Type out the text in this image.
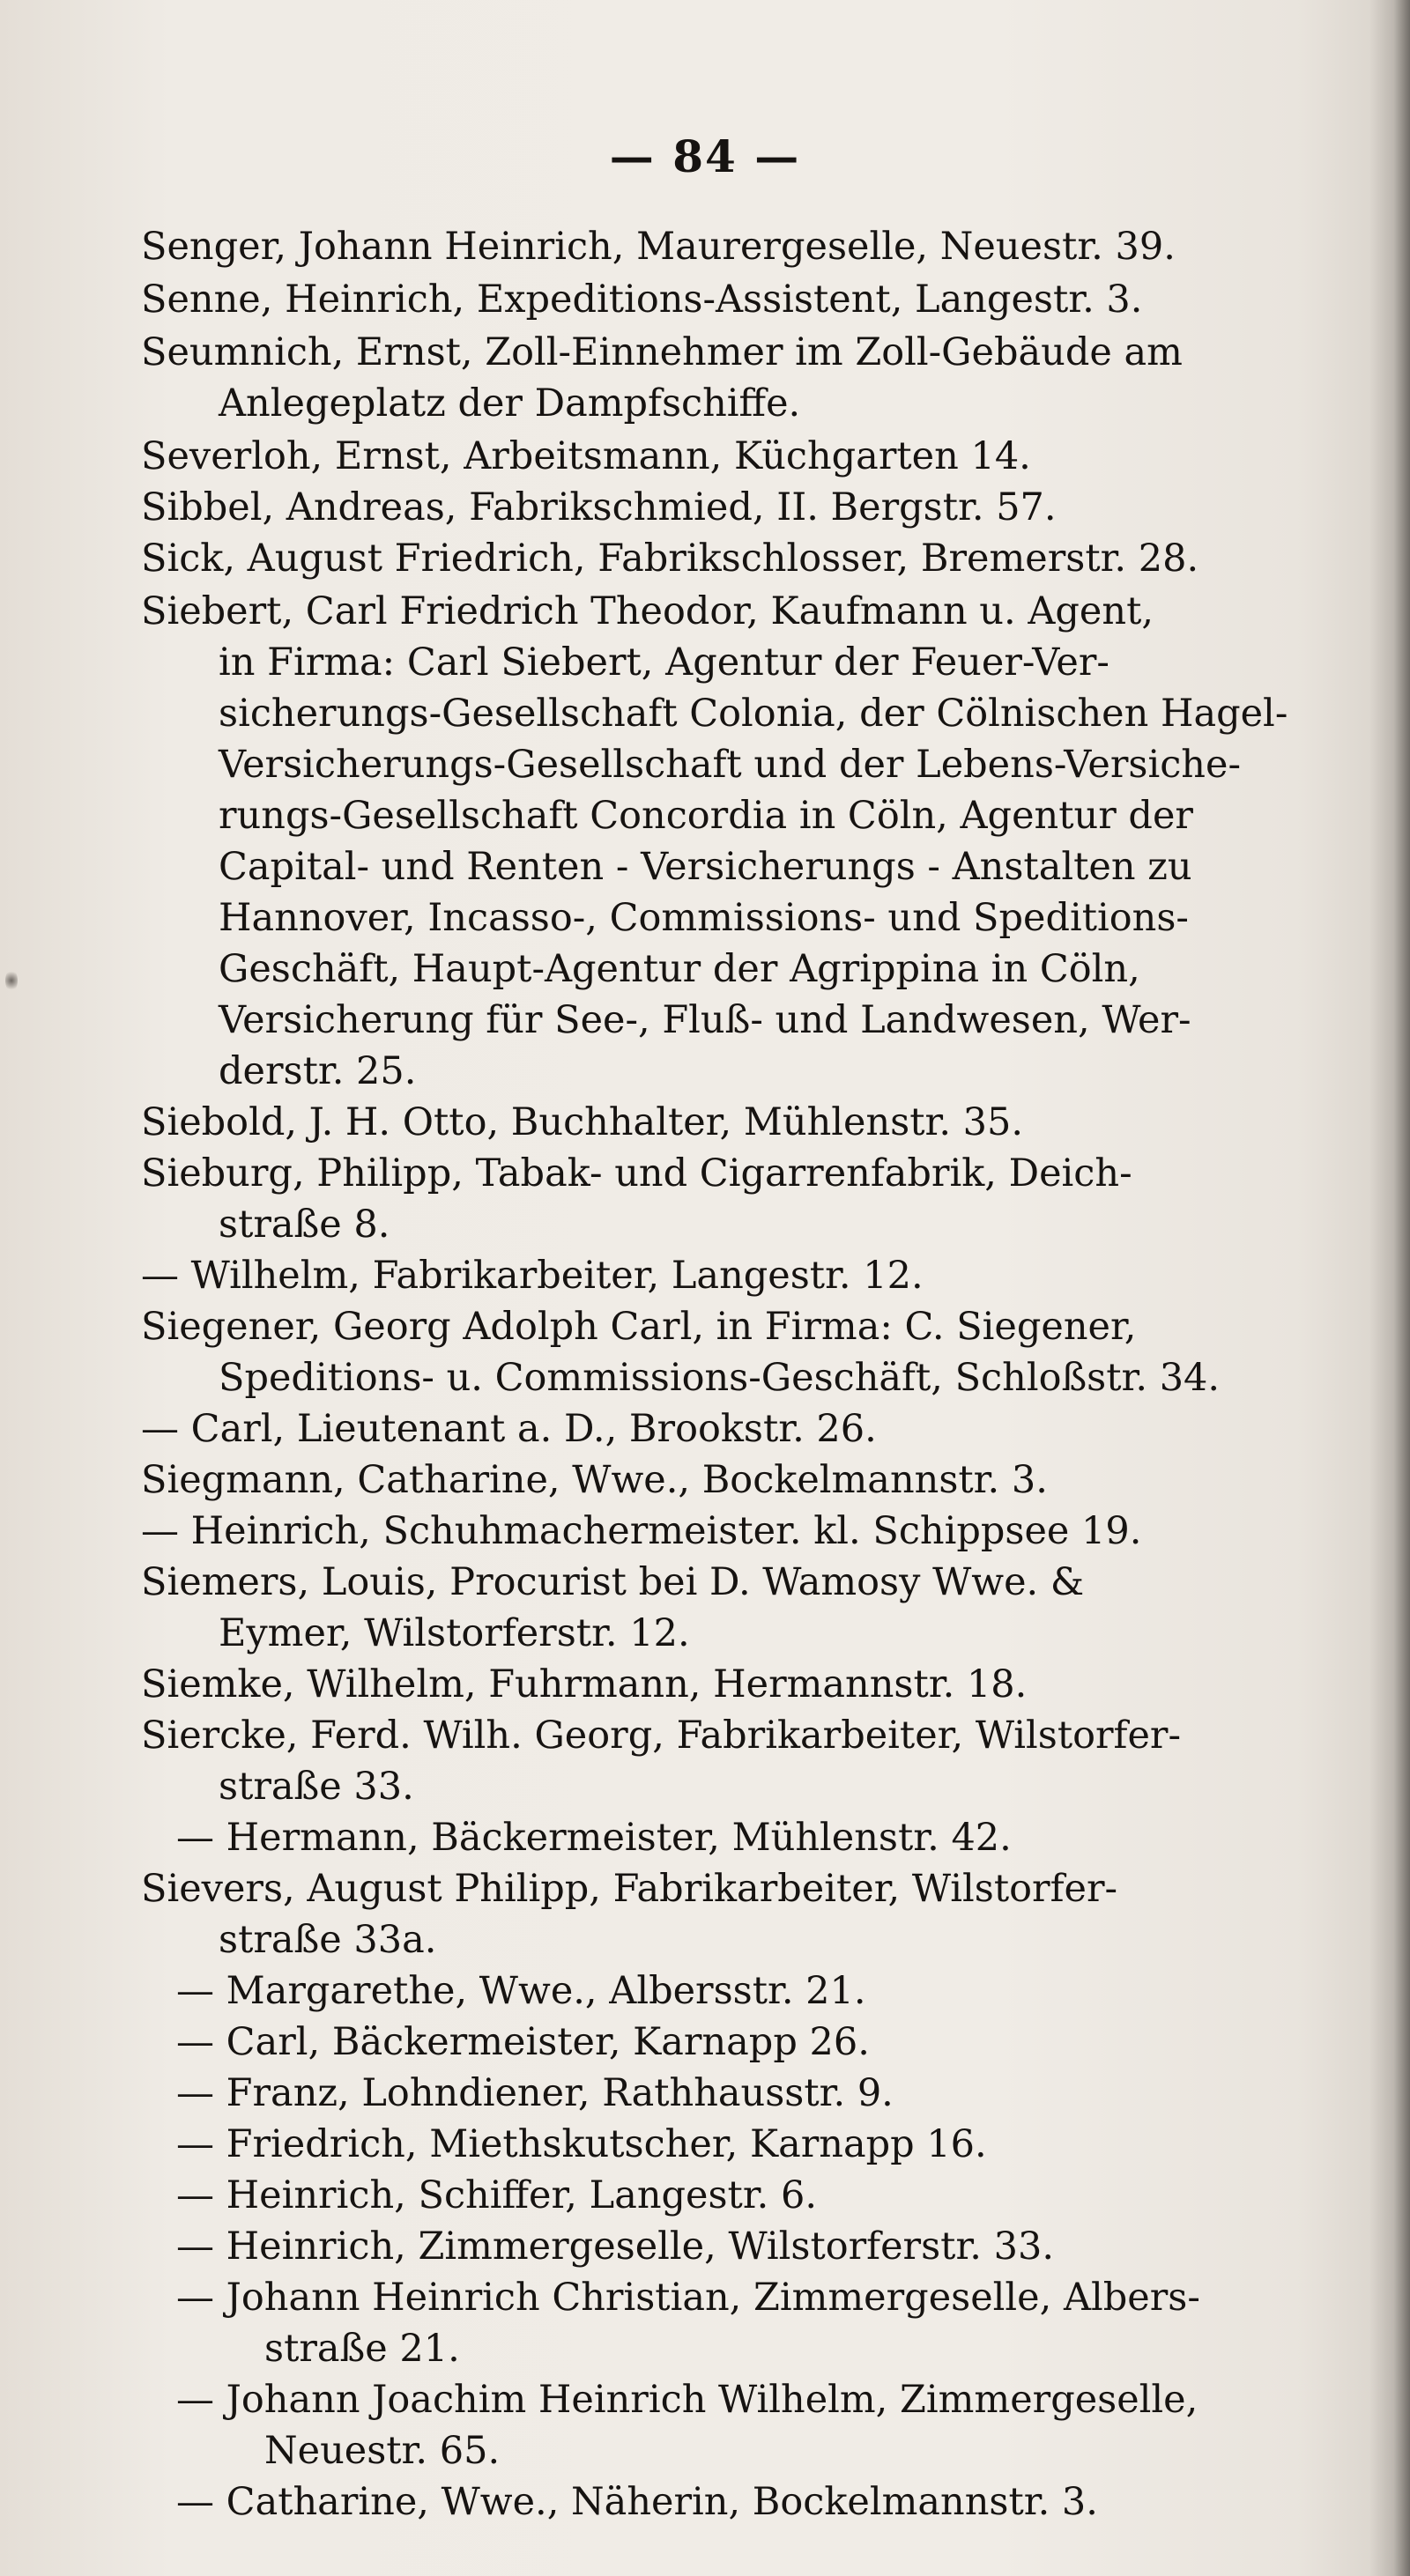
— 84 —
Senger, Johann Heinrich, Maurergeselle, Neuestr. 39.
Senne, Heinrich, Expeditions-Assistent, Langestr. 3.
Seumnich, Ernst, Zoll-Einnehmer im Zoll-Gebäude am
Anlegeplatz der Dampfschiffe.
Severloh, Ernst, Arbeitsmann, Küchgarten 14.
Sibbel, Andreas, Fabrikschmied, II. Bergstr. 57.
Sick, August Friedrich, Fabrikschlosser, Bremerstr. 28.
Siebert, Carl Friedrich Theodor, Kaufmann u. Agent,
in Firma: Carl Siebert, Agentur der Feuer-Ver-
sicherungs-Gesellschaft Colonia, der Cölnischen Hagel-
Versicherungs-Gesellschaft und der Lebens-Versiche-
rungs-Gesellschaft Concordia in Cöln, Agentur der
Capital- und Renten - Versicherungs - Anstalten zu
Hannover, Incasso-, Commissions- und Speditions-
Geschäft, Haupt-Agentur der Agrippina in Cöln,
Versicherung für See-, Fluß- und Landwesen, Wer-
derstr. 25.
Siebold, J. H. Otto, Buchhalter, Mühlenstr. 35.
Sieburg, Philipp, Tabak- und Cigarrenfabrik, Deich-
straße 8.
— Wilhelm, Fabrikarbeiter, Langestr. 12.
Siegener, Georg Adolph Carl, in Firma: C. Siegener,
Speditions- u. Commissions-Geschäft, Schloßstr. 34.
— Carl, Lieutenant a. D., Brookstr. 26.
Siegmann, Catharine, Wwe., Bockelmannstr. 3.
— Heinrich, Schuhmachermeister. kl. Schippsee 19.
Siemers, Louis, Procurist bei D. Wamosy Wwe. &
Eymer, Wilstorferstr. 12.
Siemke, Wilhelm, Fuhrmann, Hermannstr. 18.
Siercke, Ferd. Wilh. Georg, Fabrikarbeiter, Wilstorfer-
straße 33.
— Hermann, Bäckermeister, Mühlenstr. 42.
Sievers, August Philipp, Fabrikarbeiter, Wilstorfer-
straße 33a.
— Margarethe, Wwe., Albersstr. 21.
— Carl, Bäckermeister, Karnapp 26.
— Franz, Lohndiener, Rathhausstr. 9.
— Friedrich, Miethskutscher, Karnapp 16.
— Heinrich, Schiffer, Langestr. 6.
— Heinrich, Zimmergeselle, Wilstorferstr. 33.
— Johann Heinrich Christian, Zimmergeselle, Albers-
straße 21.
— Johann Joachim Heinrich Wilhelm, Zimmergeselle,
Neuestr. 65.
— Catharine, Wwe., Näherin, Bockelmannstr. 3.
